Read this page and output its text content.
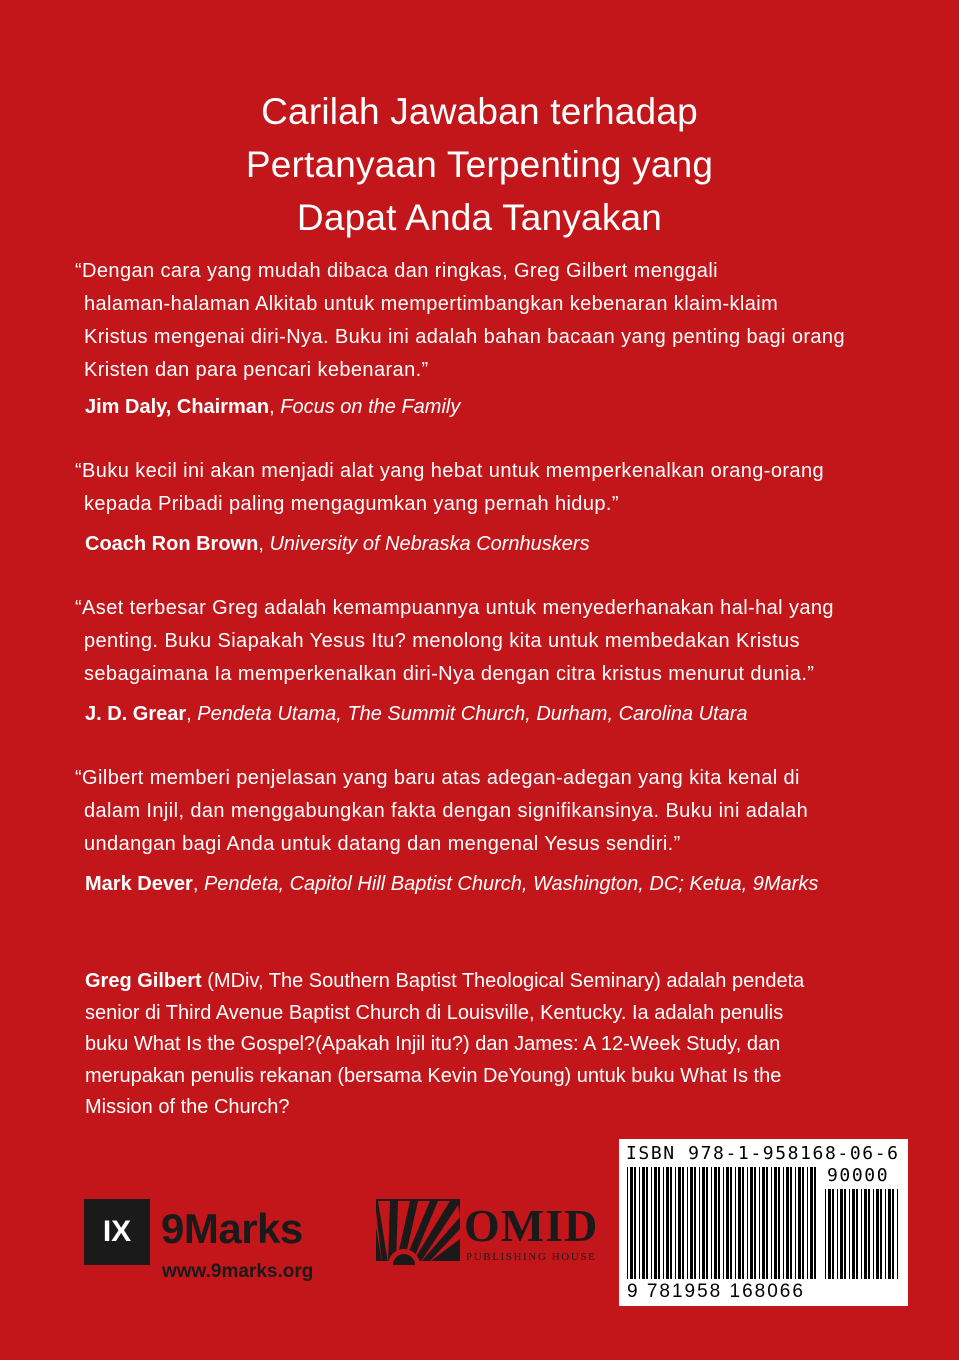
Carilah Jawaban terhadap
Pertanyaan Terpenting yang
Dapat Anda Tanyakan
“Dengan cara yang mudah dibaca dan ringkas, Greg Gilbert menggali
halaman-halaman Alkitab untuk mempertimbangkan kebenaran klaim-klaim
Kristus mengenai diri-Nya. Buku ini adalah bahan bacaan yang penting bagi orang
Kristen dan para pencari kebenaran.”
Jim Daly, Chairman, Focus on the Family
“Buku kecil ini akan menjadi alat yang hebat untuk memperkenalkan orang-orang
kepada Pribadi paling mengagumkan yang pernah hidup.”
Coach Ron Brown, University of Nebraska Cornhuskers
“Aset terbesar Greg adalah kemampuannya untuk menyederhanakan hal-hal yang
penting. Buku Siapakah Yesus Itu? menolong kita untuk membedakan Kristus
sebagaimana Ia memperkenalkan diri-Nya dengan citra kristus menurut dunia.”
J. D. Grear, Pendeta Utama, The Summit Church, Durham, Carolina Utara
“Gilbert memberi penjelasan yang baru atas adegan-adegan yang kita kenal di
dalam Injil, dan menggabungkan fakta dengan signifikansinya. Buku ini adalah
undangan bagi Anda untuk datang dan mengenal Yesus sendiri.”
Mark Dever, Pendeta, Capitol Hill Baptist Church, Washington, DC; Ketua, 9Marks
Greg Gilbert (MDiv, The Southern Baptist Theological Seminary) adalah pendeta
senior di Third Avenue Baptist Church di Louisville, Kentucky. Ia adalah penulis
buku What Is the Gospel?(Apakah Injil itu?) dan James: A 12-Week Study, dan
merupakan penulis rekanan (bersama Kevin DeYoung) untuk buku What Is the
Mission of the Church?
IX 9Marks
www.9marks.org
OMID
PUBLISHING HOUSE
ISBN 978-1-958168-06-6
90000
9 781958 168066
